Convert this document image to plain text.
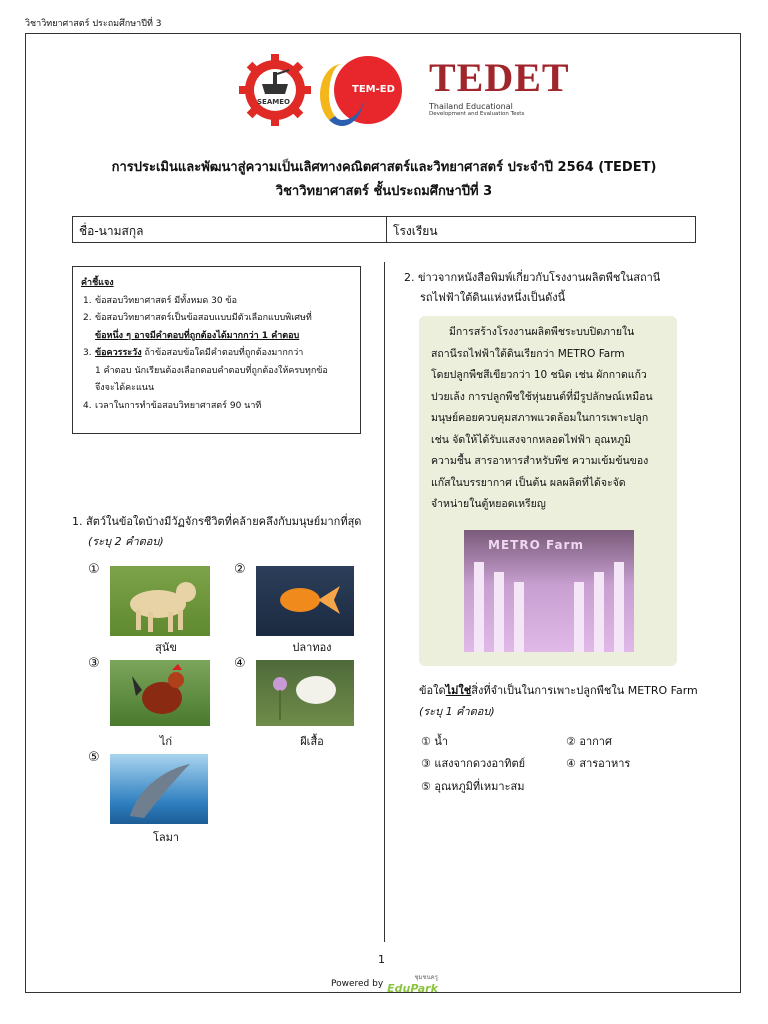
วิชาวิทยาศาสตร์ ประถมศึกษาปีที่ 3
SEAMEO
TEM-ED TEDET
Thailand Educational
Development and Evaluation Tests
การประเมินและพัฒนาสู่ความเป็นเลิศทางคณิตศาสตร์และวิทยาศาสตร์ ประจำปี 2564 (TEDET)
วิชาวิทยาศาสตร์ ชั้นประถมศึกษาปีที่ 3
ชื่อ-นามสกุล	โรงเรียน
คำชี้แจง
1. ข้อสอบวิทยาศาสตร์ มีทั้งหมด 30 ข้อ
2. ข้อสอบวิทยาศาสตร์เป็นข้อสอบแบบมีตัวเลือกแบบพิเศษที่
ข้อหนึ่ง ๆ อาจมีคำตอบที่ถูกต้องได้มากกว่า 1 คำตอบ
3. ข้อควรระวัง ถ้าข้อสอบข้อใดมีคำตอบที่ถูกต้องมากกว่า
1 คำตอบ นักเรียนต้องเลือกตอบคำตอบที่ถูกต้องให้ครบทุกข้อ
จึงจะได้คะแนน
4. เวลาในการทำข้อสอบวิทยาศาสตร์ 90 นาที
1. สัตว์ในข้อใดบ้างมีวัฏจักรชีวิตที่คล้ายคลึงกับมนุษย์มากที่สุด
(ระบุ 2 คำตอบ)
①
สุนัข
②
ปลาทอง
③
ไก่
④
ผีเสื้อ
⑤
โลมา
2. ข่าวจากหนังสือพิมพ์เกี่ยวกับโรงงานผลิตพืชในสถานี
รถไฟฟ้าใต้ดินแห่งหนึ่งเป็นดังนี้
มีการสร้างโรงงานผลิตพืชระบบปิดภายใน
สถานีรถไฟฟ้าใต้ดินเรียกว่า METRO Farm
โดยปลูกพืชสีเขียวกว่า 10 ชนิด เช่น ผักกาดแก้ว
ปวยเล้ง การปลูกพืชใช้หุ่นยนต์ที่มีรูปลักษณ์เหมือน
มนุษย์คอยควบคุมสภาพแวดล้อมในการเพาะปลูก
เช่น จัดให้ได้รับแสงจากหลอดไฟฟ้า อุณหภูมิ
ความชื้น สารอาหารสำหรับพืช ความเข้มข้นของ
แก๊สในบรรยากาศ เป็นต้น ผลผลิตที่ได้จะจัด
จำหน่ายในตู้หยอดเหรียญ
METRO Farm
ข้อใดไม่ใช่สิ่งที่จำเป็นในการเพาะปลูกพืชใน METRO Farm
(ระบุ 1 คำตอบ)
① น้ำ	② อากาศ
③ แสงจากดวงอาทิตย์	④ สารอาหาร
⑤ อุณหภูมิที่เหมาะสม
1
Powered by
ชุมชนครู
EduPark
